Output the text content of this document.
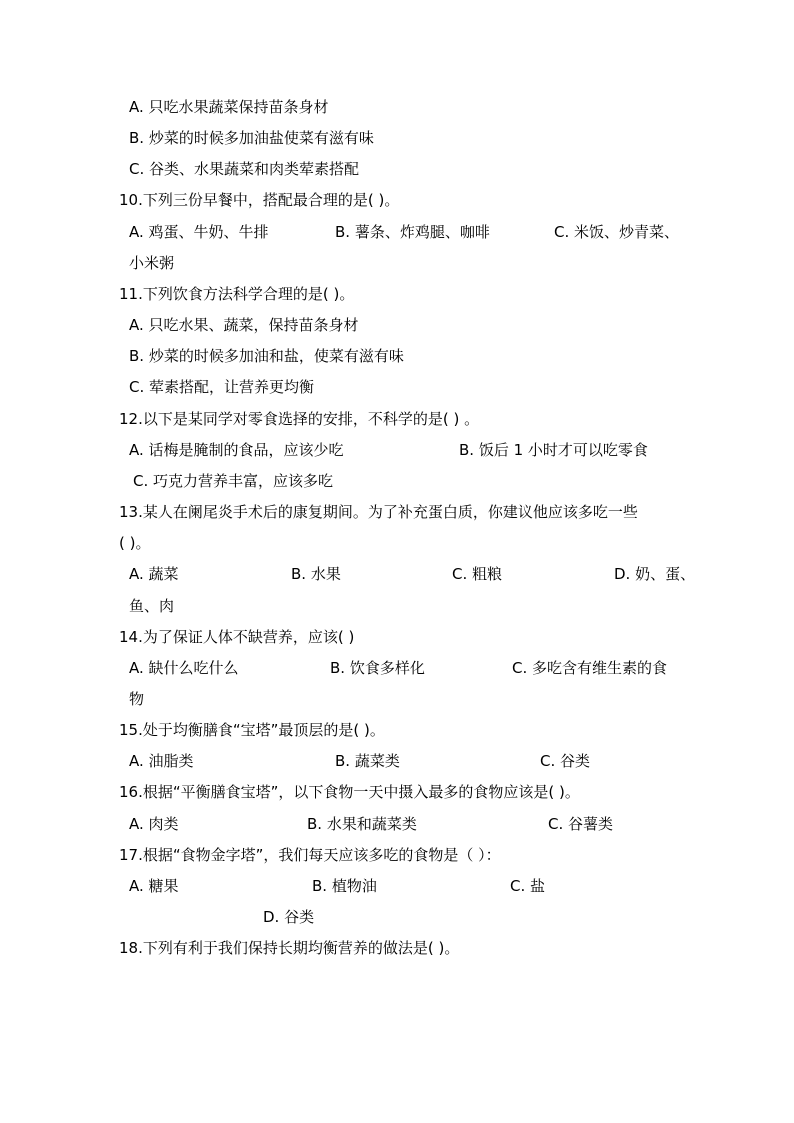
A. 只吃水果蔬菜保持苗条身材
B. 炒菜的时候多加油盐使菜有滋有味
C. 谷类、水果蔬菜和肉类荤素搭配
10.下列三份早餐中，搭配最合理的是( )。
A. 鸡蛋、牛奶、牛排	B. 薯条、炸鸡腿、咖啡	C. 米饭、炒青菜、
小米粥
11.下列饮食方法科学合理的是( )。
A. 只吃水果、蔬菜，保持苗条身材
B. 炒菜的时候多加油和盐，使菜有滋有味
C. 荤素搭配，让营养更均衡
12.以下是某同学对零食选择的安排，不科学的是( ) 。
A. 话梅是腌制的食品，应该少吃	B. 饭后 1 小时才可以吃零食
C. 巧克力营养丰富，应该多吃
13.某人在阑尾炎手术后的康复期间。为了补充蛋白质，你建议他应该多吃一些
( )。
A. 蔬菜	B. 水果	C. 粗粮	D. 奶、蛋、
鱼、肉
14.为了保证人体不缺营养，应该( )
A. 缺什么吃什么	B. 饮食多样化	C. 多吃含有维生素的食
物
15.处于均衡膳食“宝塔”最顶层的是( )。
A. 油脂类	B. 蔬菜类	C. 谷类
16.根据“平衡膳食宝塔”，以下食物一天中摄入最多的食物应该是( )。
A. 肉类	B. 水果和蔬菜类	C. 谷薯类
17.根据“食物金字塔”，我们每天应该多吃的食物是（ ）：
A. 糖果	B. 植物油	C. 盐
D. 谷类
18.下列有利于我们保持长期均衡营养的做法是( )。
